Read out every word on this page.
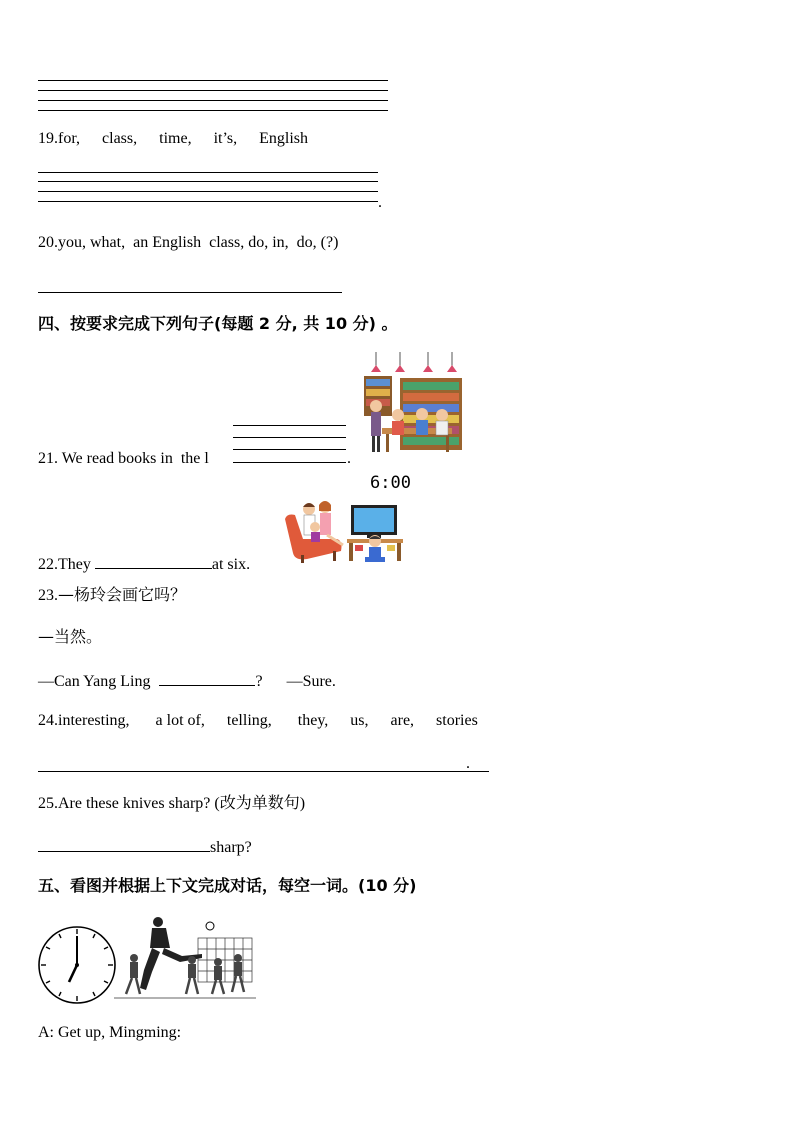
19.for, class, time, it’s, English
.
20.you, what,  an English  class, do, in,  do, (?)
四、按要求完成下列句子(每题 2 分, 共 10 分) 。
21. We read books in  the l	.
6:00
22.They	at six.
23.—杨玲会画它吗？
—当然。
—Can Yang Ling	? —Sure.
24.interesting, a lot of, telling, they, us, are, stories
.
25.Are these knives sharp? (改为单数句)
sharp?
五、看图并根据上下文完成对话，每空一词。(10 分)
A: Get up, Mingming:
